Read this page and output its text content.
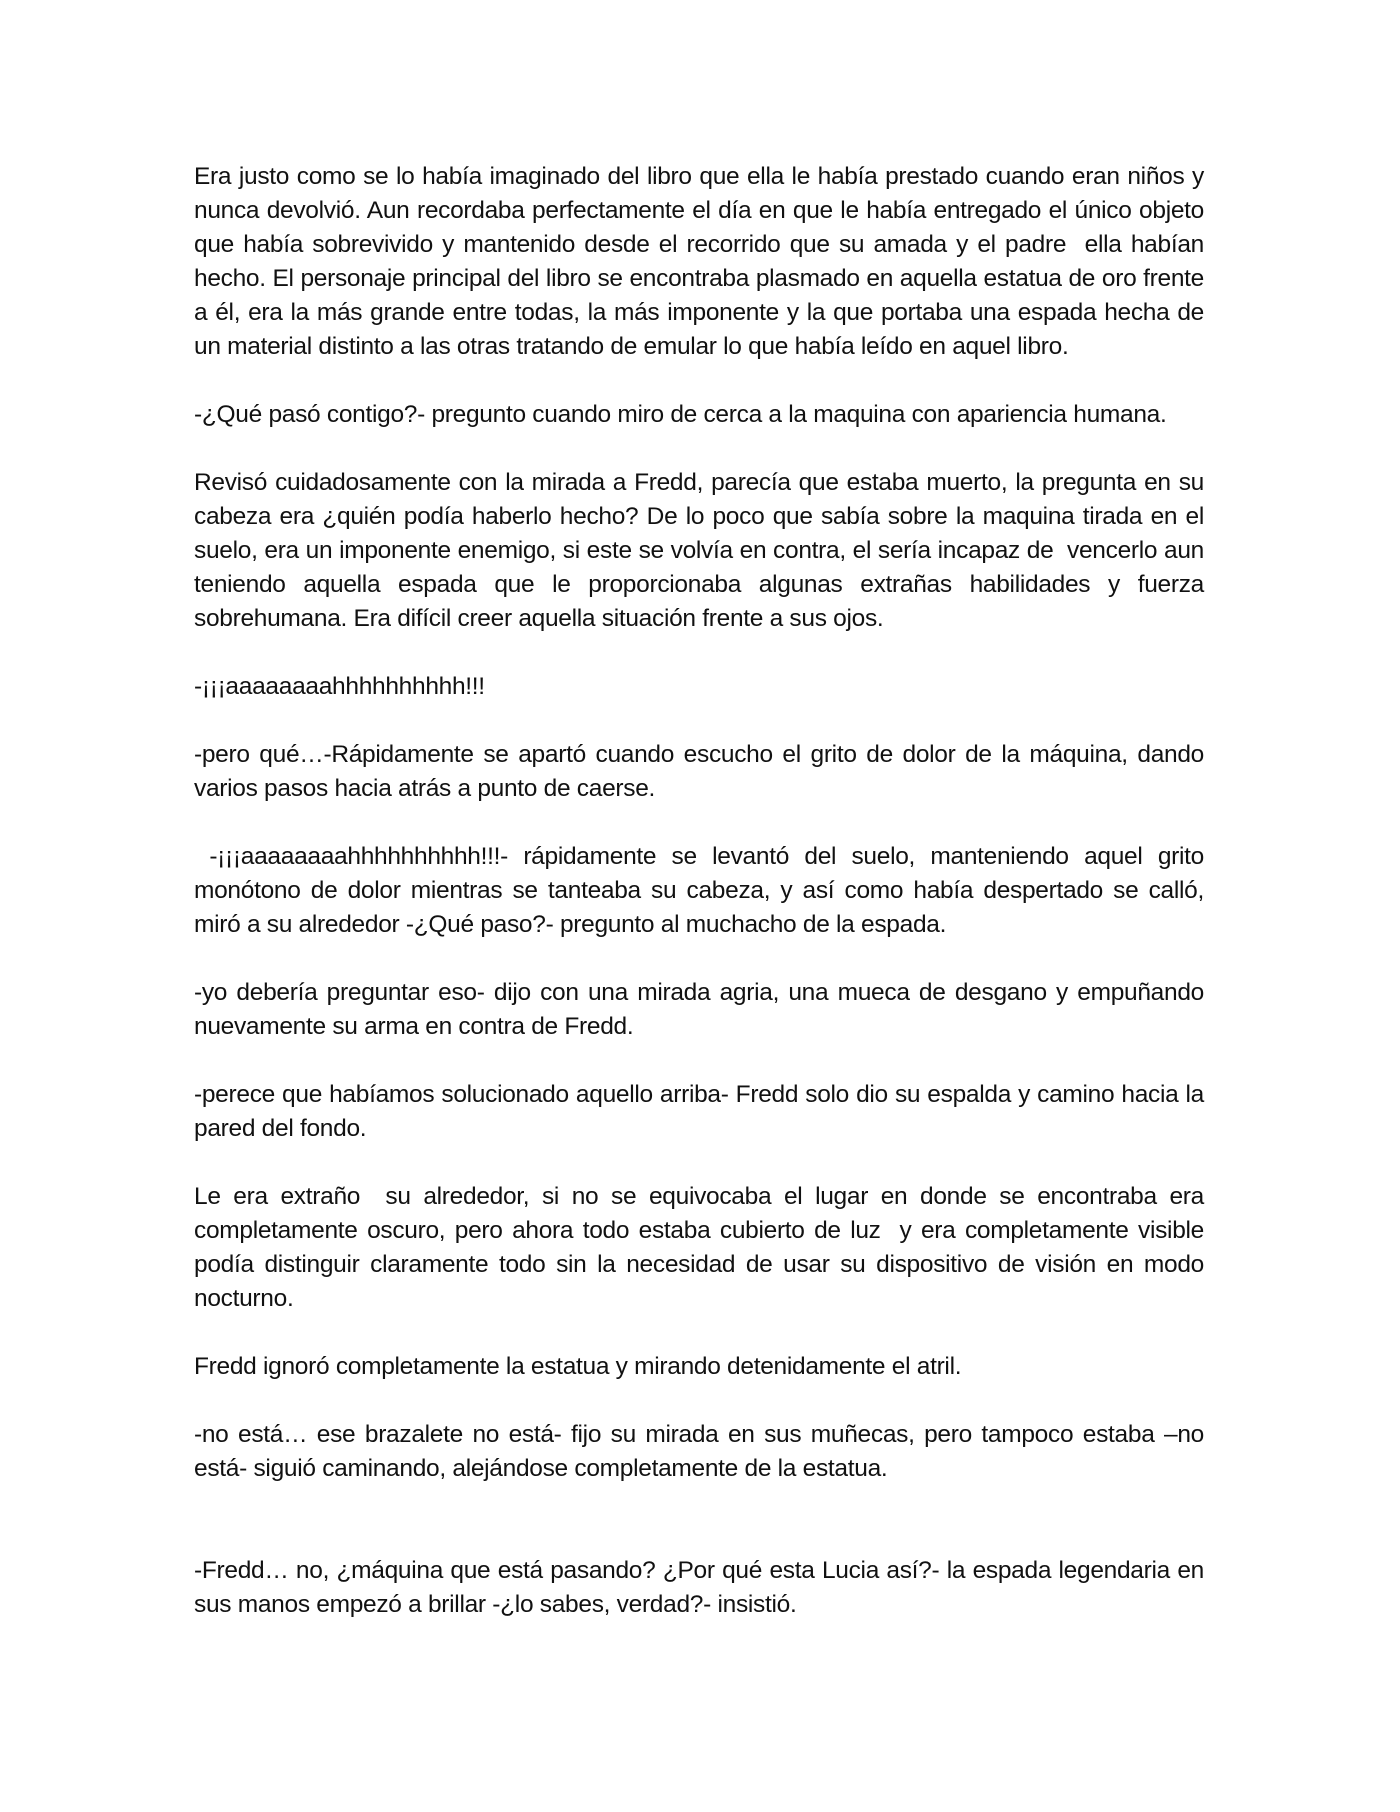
Era justo como se lo había imaginado del libro que ella le había prestado cuando eran niños y nunca devolvió. Aun recordaba perfectamente el día en que le había entregado el único objeto que había sobrevivido y mantenido desde el recorrido que su amada y el padre  ella habían hecho. El personaje principal del libro se encontraba plasmado en aquella estatua de oro frente a él, era la más grande entre todas, la más imponente y la que portaba una espada hecha de un material distinto a las otras tratando de emular lo que había leído en aquel libro.

-¿Qué pasó contigo?- pregunto cuando miro de cerca a la maquina con apariencia humana.

Revisó cuidadosamente con la mirada a Fredd, parecía que estaba muerto, la pregunta en su cabeza era ¿quién podía haberlo hecho? De lo poco que sabía sobre la maquina tirada en el suelo, era un imponente enemigo, si este se volvía en contra, el sería incapaz de  vencerlo aun teniendo aquella espada que le proporcionaba algunas extrañas habilidades y fuerza sobrehumana. Era difícil creer aquella situación frente a sus ojos.

-¡¡¡aaaaaaaahhhhhhhhhh!!!

-pero qué…-Rápidamente se apartó cuando escucho el grito de dolor de la máquina, dando varios pasos hacia atrás a punto de caerse.

-¡¡¡aaaaaaaahhhhhhhhhh!!!- rápidamente se levantó del suelo, manteniendo aquel grito monótono de dolor mientras se tanteaba su cabeza, y así como había despertado se calló, miró a su alrededor -¿Qué paso?- pregunto al muchacho de la espada.

-yo debería preguntar eso- dijo con una mirada agria, una mueca de desgano y empuñando nuevamente su arma en contra de Fredd.

-perece que habíamos solucionado aquello arriba- Fredd solo dio su espalda y camino hacia la pared del fondo.

Le era extraño  su alrededor, si no se equivocaba el lugar en donde se encontraba era completamente oscuro, pero ahora todo estaba cubierto de luz  y era completamente visible podía distinguir claramente todo sin la necesidad de usar su dispositivo de visión en modo nocturno.

Fredd ignoró completamente la estatua y mirando detenidamente el atril.

-no está… ese brazalete no está- fijo su mirada en sus muñecas, pero tampoco estaba –no está- siguió caminando, alejándose completamente de la estatua.

-Fredd… no, ¿máquina que está pasando? ¿Por qué esta Lucia así?- la espada legendaria en sus manos empezó a brillar -¿lo sabes, verdad?- insistió.
